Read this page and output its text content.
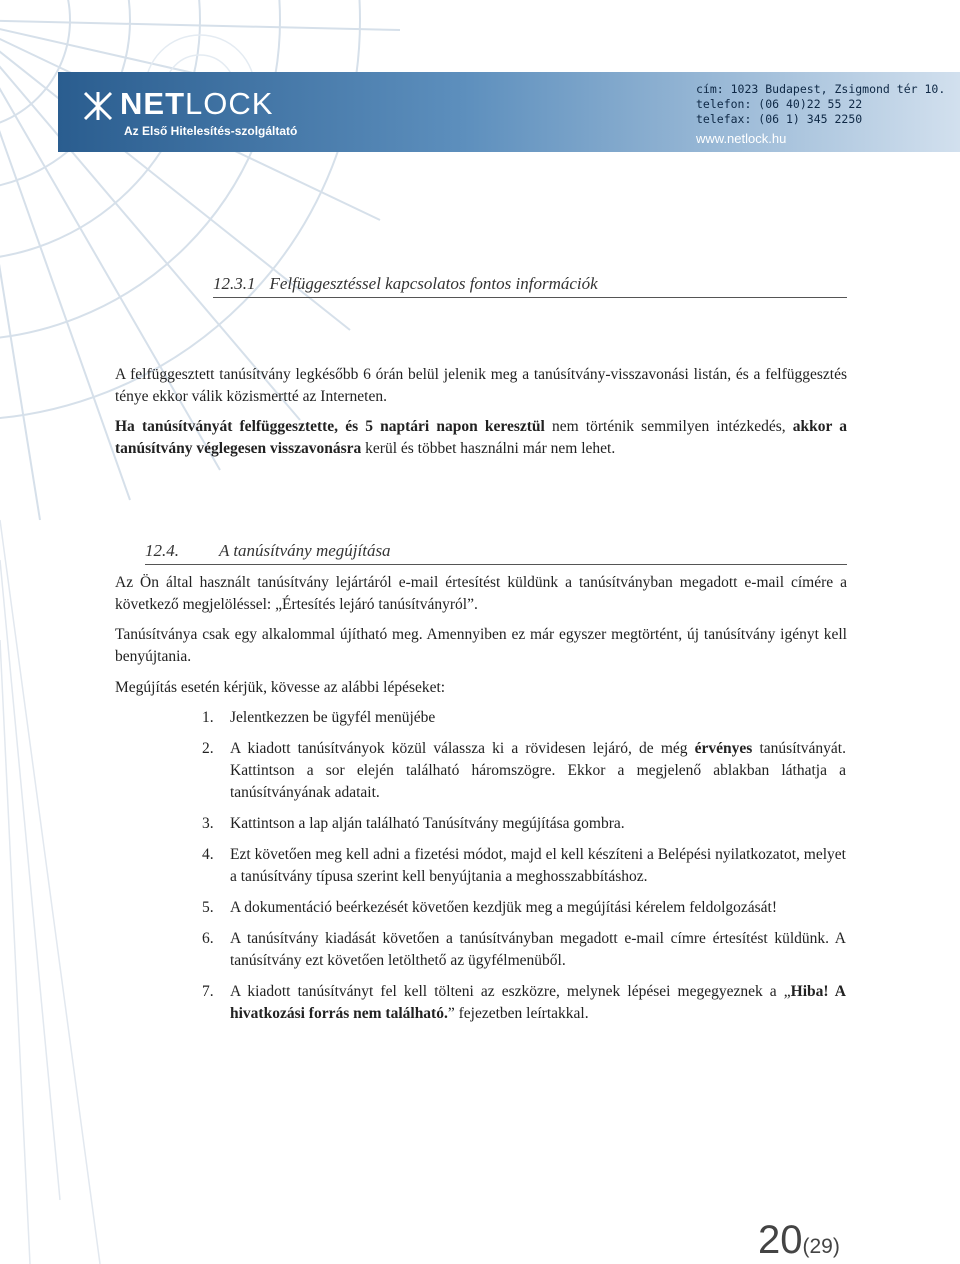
NETLOCK
Az Első Hitelesítés-szolgáltató
cím: 1023 Budapest, Zsigmond tér 10.
telefon: (06 40)22 55 22
telefax: (06 1) 345 2250
www.netlock.hu
12.3.1 Felfüggesztéssel kapcsolatos fontos információk
A felfüggesztett tanúsítvány legkésőbb 6 órán belül jelenik meg a tanúsítvány-visszavonási listán, és a felfüggesztés ténye ekkor válik közismertté az Interneten.
Ha tanúsítványát felfüggesztette, és 5 naptári napon keresztül nem történik semmilyen intézkedés, akkor a tanúsítvány véglegesen visszavonásra kerül és többet használni már nem lehet.
12.4. A tanúsítvány megújítása
Az Ön által használt tanúsítvány lejártáról e-mail értesítést küldünk a tanúsítványban megadott e-mail címére a következő megjelöléssel: „Értesítés lejáró tanúsítványról”.
Tanúsítványa csak egy alkalommal újítható meg. Amennyiben ez már egyszer megtörtént, új tanúsítvány igényt kell benyújtania.
Megújítás esetén kérjük, kövesse az alábbi lépéseket:
1. Jelentkezzen be ügyfél menüjébe
2. A kiadott tanúsítványok közül válassza ki a rövidesen lejáró, de még érvényes tanúsítványát. Kattintson a sor elején található háromszögre. Ekkor a megjelenő ablakban láthatja a tanúsítványának adatait.
3. Kattintson a lap alján található Tanúsítvány megújítása gombra.
4. Ezt követően meg kell adni a fizetési módot, majd el kell készíteni a Belépési nyilatkozatot, melyet a tanúsítvány típusa szerint kell benyújtania a meghosszabbításhoz.
5. A dokumentáció beérkezését követően kezdjük meg a megújítási kérelem feldolgozását!
6. A tanúsítvány kiadását követően a tanúsítványban megadott e-mail címre értesítést küldünk. A tanúsítvány ezt követően letölthető az ügyfélmenüből.
7. A kiadott tanúsítványt fel kell tölteni az eszközre, melynek lépései megegyeznek a „Hiba! A hivatkozási forrás nem található.” fejezetben leírtakkal.
20(29)
